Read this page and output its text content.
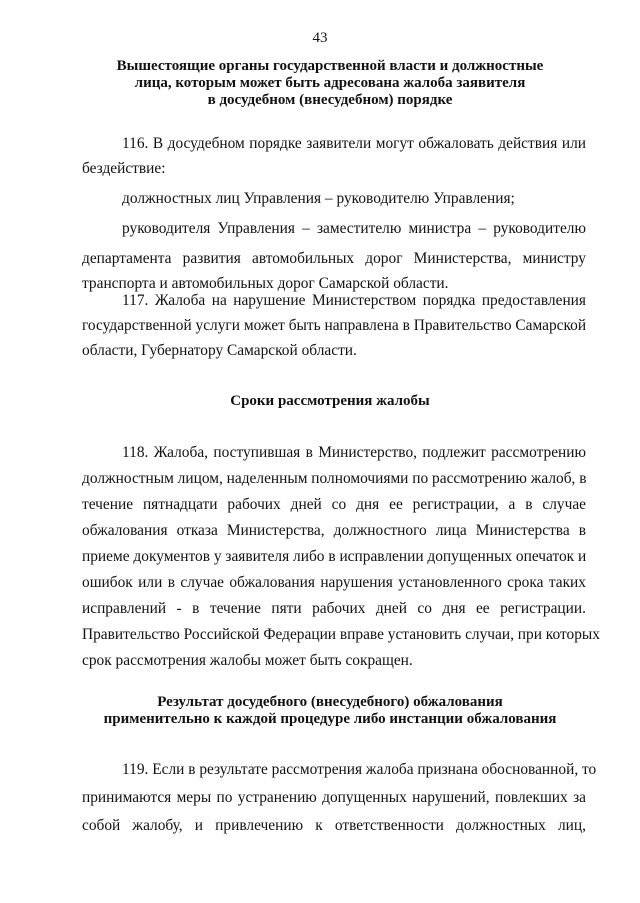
43
Вышестоящие органы государственной власти и должностные
лица, которым может быть адресована жалоба заявителя
в досудебном (внесудебном) порядке
116. В досудебном порядке заявители могут обжаловать действия или
бездействие:
должностных лиц Управления – руководителю Управления;
руководителя Управления – заместителю министра – руководителю
департамента развития автомобильных дорог Министерства, министру
транспорта и автомобильных дорог Самарской области.
117. Жалоба на нарушение Министерством порядка предоставления
государственной услуги может быть направлена в Правительство Самарской
области, Губернатору Самарской области.
Сроки рассмотрения жалобы
118. Жалоба, поступившая в Министерство, подлежит рассмотрению
должностным лицом, наделенным полномочиями по рассмотрению жалоб, в
течение пятнадцати рабочих дней со дня ее регистрации, а в случае
обжалования отказа Министерства, должностного лица Министерства в
приеме документов у заявителя либо в исправлении допущенных опечаток и
ошибок или в случае обжалования нарушения установленного срока таких
исправлений - в течение пяти рабочих дней со дня ее регистрации.
Правительство Российской Федерации вправе установить случаи, при которых
срок рассмотрения жалобы может быть сокращен.
Результат досудебного (внесудебного) обжалования
применительно к каждой процедуре либо инстанции обжалования
119. Если в результате рассмотрения жалоба признана обоснованной, то
принимаются меры по устранению допущенных нарушений, повлекших за
собой жалобу, и привлечению к ответственности должностных лиц,
